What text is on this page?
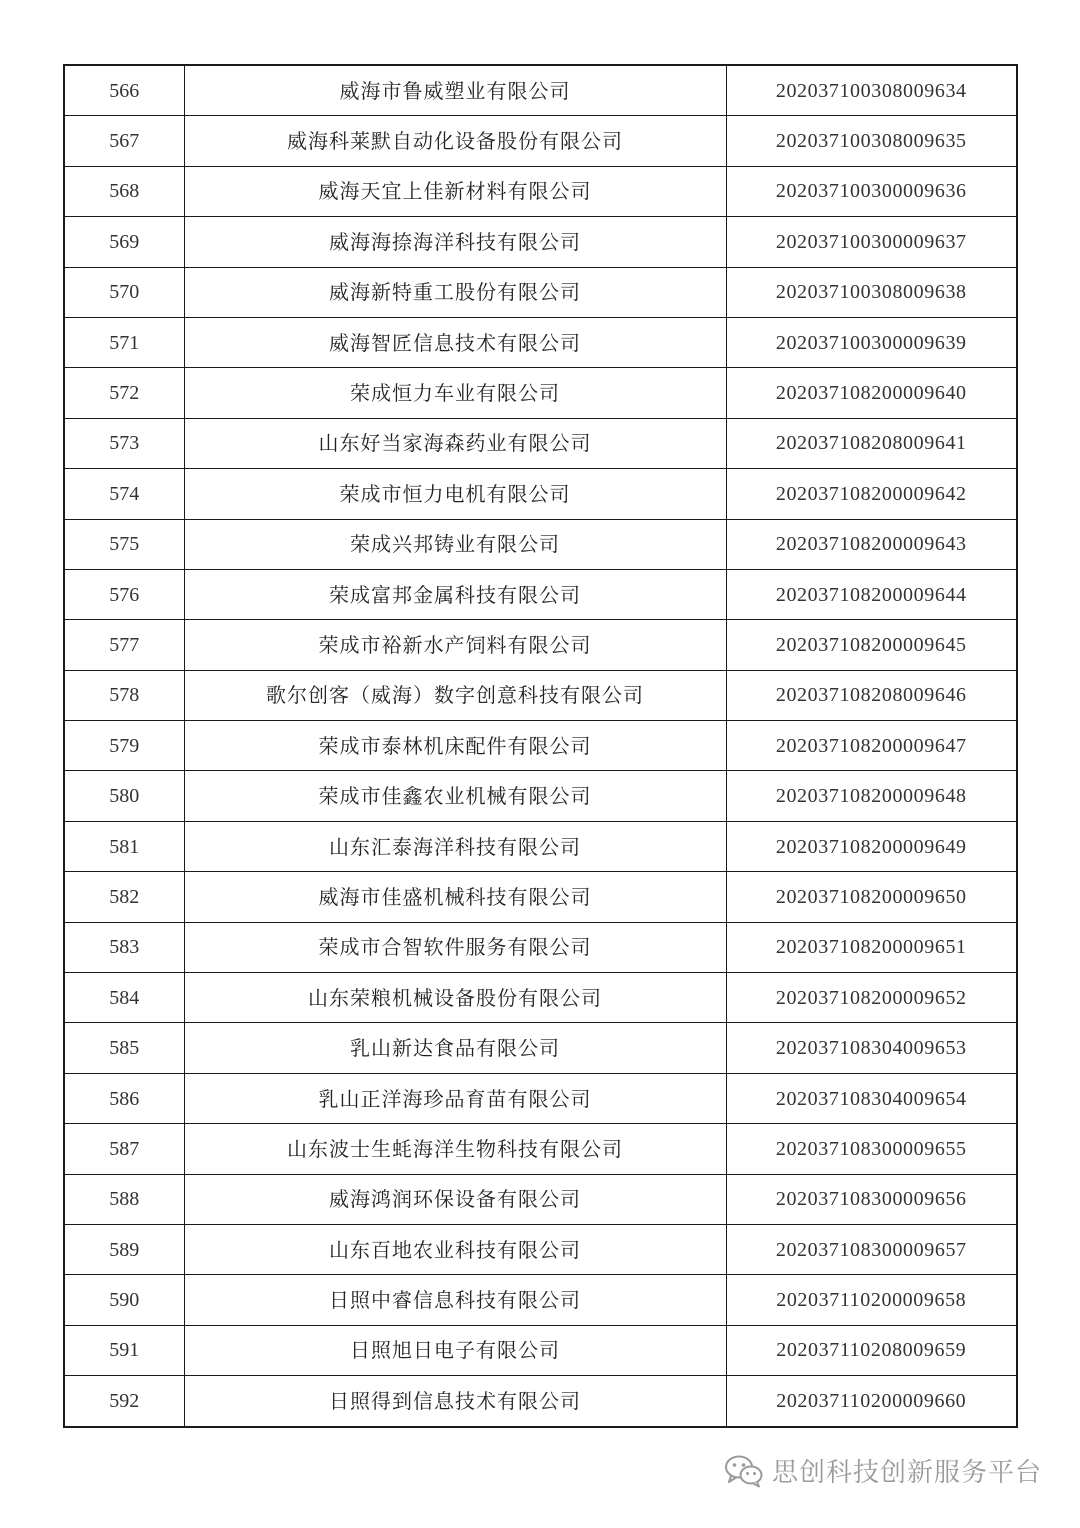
566	威海市鲁威塑业有限公司	202037100308009634
567	威海科莱默自动化设备股份有限公司	202037100308009635
568	威海天宜上佳新材料有限公司	202037100300009636
569	威海海捺海洋科技有限公司	202037100300009637
570	威海新特重工股份有限公司	202037100308009638
571	威海智匠信息技术有限公司	202037100300009639
572	荣成恒力车业有限公司	202037108200009640
573	山东好当家海森药业有限公司	202037108208009641
574	荣成市恒力电机有限公司	202037108200009642
575	荣成兴邦铸业有限公司	202037108200009643
576	荣成富邦金属科技有限公司	202037108200009644
577	荣成市裕新水产饲料有限公司	202037108200009645
578	歌尔创客（威海）数字创意科技有限公司	202037108208009646
579	荣成市泰林机床配件有限公司	202037108200009647
580	荣成市佳鑫农业机械有限公司	202037108200009648
581	山东汇泰海洋科技有限公司	202037108200009649
582	威海市佳盛机械科技有限公司	202037108200009650
583	荣成市合智软件服务有限公司	202037108200009651
584	山东荣粮机械设备股份有限公司	202037108200009652
585	乳山新达食品有限公司	202037108304009653
586	乳山正洋海珍品育苗有限公司	202037108304009654
587	山东波士生蚝海洋生物科技有限公司	202037108300009655
588	威海鸿润环保设备有限公司	202037108300009656
589	山东百地农业科技有限公司	202037108300009657
590	日照中睿信息科技有限公司	202037110200009658
591	日照旭日电子有限公司	202037110208009659
592	日照得到信息技术有限公司	202037110200009660
思创科技创新服务平台
